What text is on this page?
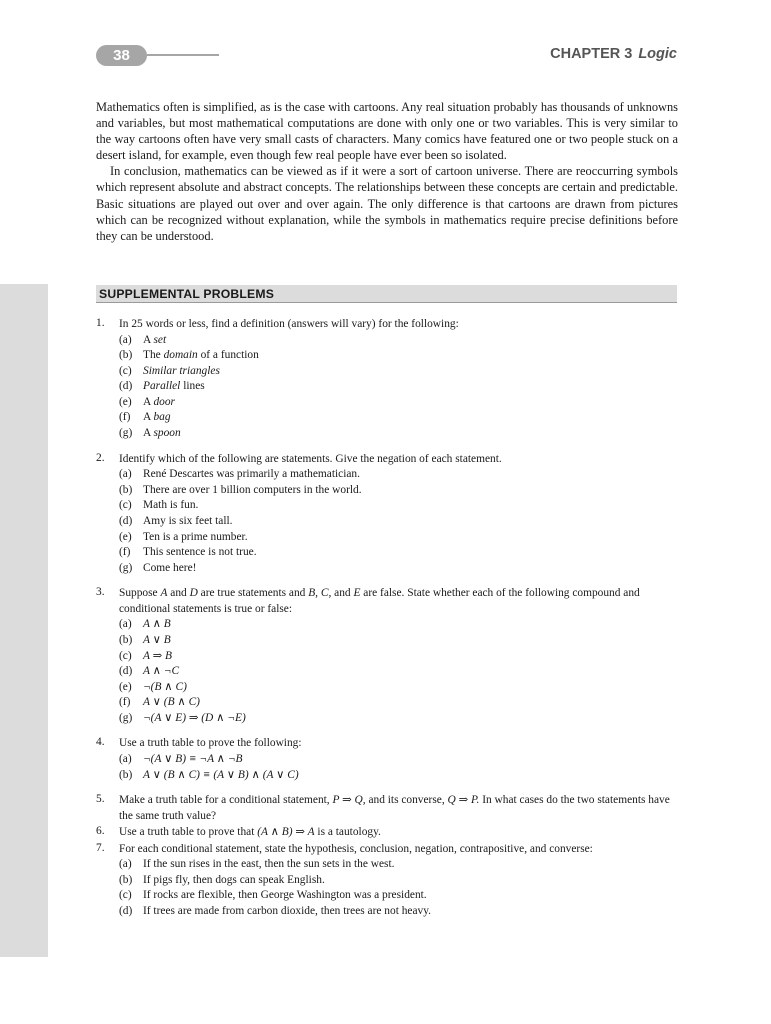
38	CHAPTER 3 Logic

Mathematics often is simplified, as is the case with cartoons. Any real situation probably has thousands of unknowns and variables, but most mathematical computations are done with only one or two variables. This is very similar to the way cartoons often have very small casts of characters. Many comics have featured one or two people stuck on a desert island, for example, even though few real people have ever been so isolated.

In conclusion, mathematics can be viewed as if it were a sort of cartoon universe. There are reoccurring symbols which represent absolute and abstract concepts. The relationships between these concepts are certain and predictable. Basic situations are played out over and over again. The only difference is that cartoons are drawn from pictures which can be recognized without explanation, while the symbols in mathematics require precise definitions before they can be understood.

SUPPLEMENTAL PROBLEMS
1. In 25 words or less, find a definition (answers will vary) for the following:
(a) A set
(b) The domain of a function
(c) Similar triangles
(d) Parallel lines
(e) A door
(f) A bag
(g) A spoon
2. Identify which of the following are statements. Give the negation of each statement.
(a) René Descartes was primarily a mathematician.
(b) There are over 1 billion computers in the world.
(c) Math is fun.
(d) Amy is six feet tall.
(e) Ten is a prime number.
(f) This sentence is not true.
(g) Come here!
3. Suppose A and D are true statements and B, C, and E are false. State whether each of the following compound and conditional statements is true or false:
(a) A ∧ B
(b) A ∨ B
(c) A ⇒ B
(d) A ∧ ¬C
(e) ¬(B ∧ C)
(f) A ∨ (B ∧ C)
(g) ¬(A ∨ E) ⇒ (D ∧ ¬E)
4. Use a truth table to prove the following:
(a) ¬(A ∨ B) ≡ ¬A ∧ ¬B
(b) A ∨ (B ∧ C) ≡ (A ∨ B) ∧ (A ∨ C)
5. Make a truth table for a conditional statement, P ⇒ Q, and its converse, Q ⇒ P. In what cases do the two statements have the same truth value?
6. Use a truth table to prove that (A ∧ B) ⇒ A is a tautology.
7. For each conditional statement, state the hypothesis, conclusion, negation, contrapositive, and converse:
(a) If the sun rises in the east, then the sun sets in the west.
(b) If pigs fly, then dogs can speak English.
(c) If rocks are flexible, then George Washington was a president.
(d) If trees are made from carbon dioxide, then trees are not heavy.
